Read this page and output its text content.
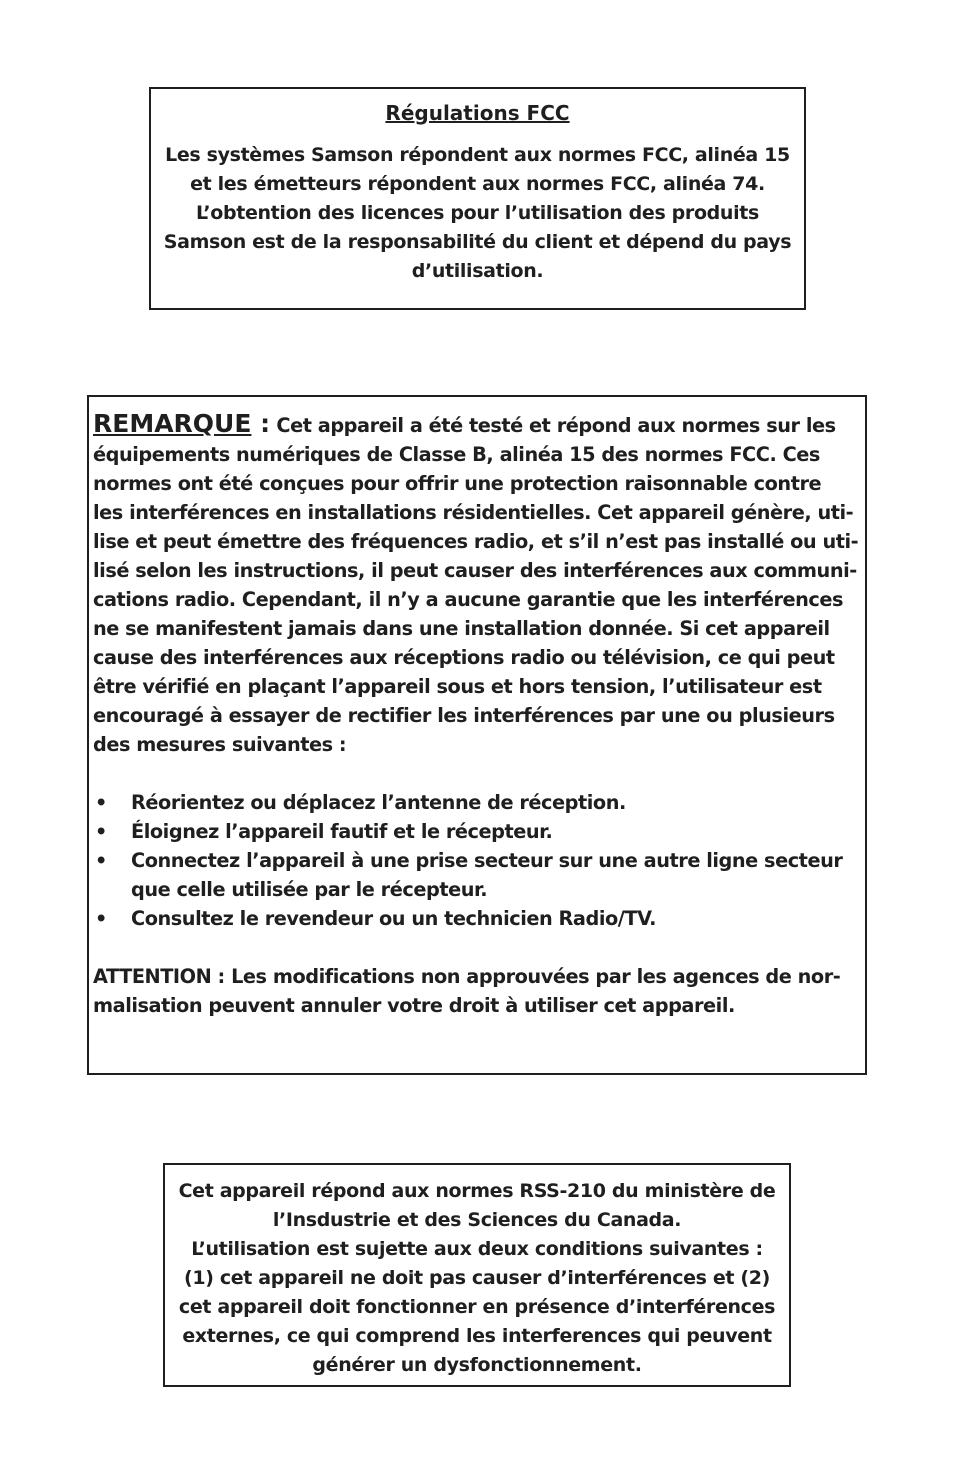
Régulations FCC

Les systèmes Samson répondent aux normes FCC, alinéa 15
et les émetteurs répondent aux normes FCC, alinéa 74.
L’obtention des licences pour l’utilisation des produits
Samson est de la responsabilité du client et dépend du pays
d’utilisation.

REMARQUE : Cet appareil a été testé et répond aux normes sur les
équipements numériques de Classe B, alinéa 15 des normes FCC. Ces
normes ont été conçues pour offrir une protection raisonnable contre
les interférences en installations résidentielles. Cet appareil génère, uti-
lise et peut émettre des fréquences radio, et s’il n’est pas installé ou uti-
lisé selon les instructions, il peut causer des interférences aux communi-
cations radio. Cependant, il n’y a aucune garantie que les interférences
ne se manifestent jamais dans une installation donnée. Si cet appareil
cause des interférences aux réceptions radio ou télévision, ce qui peut
être vérifié en plaçant l’appareil sous et hors tension, l’utilisateur est
encouragé à essayer de rectifier les interférences par une ou plusieurs
des mesures suivantes :

• Réorientez ou déplacez l’antenne de réception.
• Éloignez l’appareil fautif et le récepteur.
• Connectez l’appareil à une prise secteur sur une autre ligne secteur
que celle utilisée par le récepteur.
• Consultez le revendeur ou un technicien Radio/TV.

ATTENTION : Les modifications non approuvées par les agences de nor-
malisation peuvent annuler votre droit à utiliser cet appareil.

Cet appareil répond aux normes RSS-210 du ministère de
l’Insdustrie et des Sciences du Canada.
L’utilisation est sujette aux deux conditions suivantes :
(1) cet appareil ne doit pas causer d’interférences et (2)
cet appareil doit fonctionner en présence d’interférences
externes, ce qui comprend les interferences qui peuvent
générer un dysfonctionnement.
